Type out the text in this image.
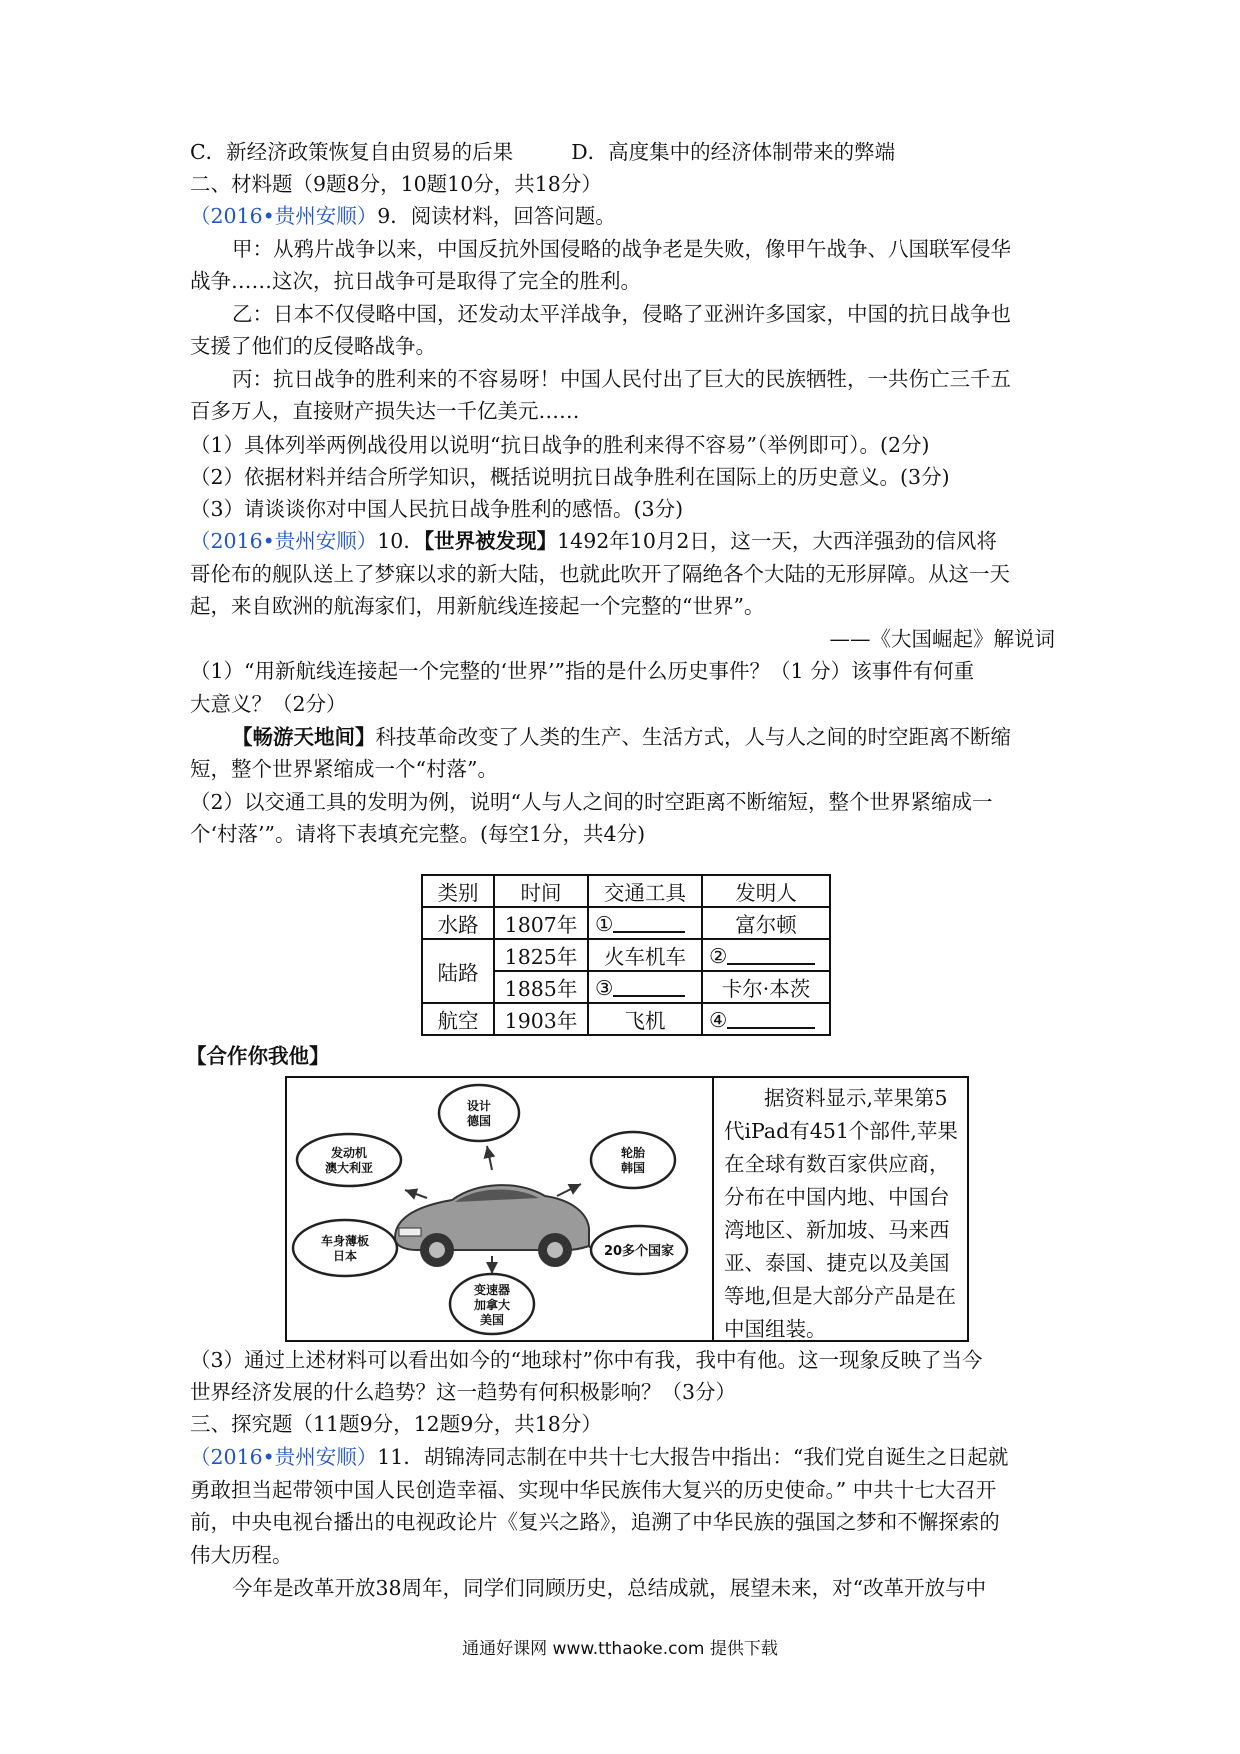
C．新经济政策恢复自由贸易的后果	D．高度集中的经济体制带来的弊端
二、材料题（9题8分，10题10分，共18分）
（2016•贵州安顺）9．阅读材料，回答问题。
甲：从鸦片战争以来，中国反抗外国侵略的战争老是失败，像甲午战争、八国联军侵华
战争……这次，抗日战争可是取得了完全的胜利。
乙：日本不仅侵略中国，还发动太平洋战争，侵略了亚洲许多国家，中国的抗日战争也
支援了他们的反侵略战争。
丙：抗日战争的胜利来的不容易呀！中国人民付出了巨大的民族牺牲，一共伤亡三千五
百多万人，直接财产损失达一千亿美元……
（1）具体列举两例战役用以说明“抗日战争的胜利来得不容易”（举例即可）。(2分)
（2）依据材料并结合所学知识，概括说明抗日战争胜利在国际上的历史意义。(3分)
（3）请谈谈你对中国人民抗日战争胜利的感悟。(3分)
（2016•贵州安顺）10．【世界被发现】1492年10月2日，这一天，大西洋强劲的信风将
哥伦布的舰队送上了梦寐以求的新大陆，也就此吹开了隔绝各个大陆的无形屏障。从这一天
起，来自欧洲的航海家们，用新航线连接起一个完整的“世界”。
——《大国崛起》解说词
（1）“用新航线连接起一个完整的‘世界’”指的是什么历史事件？（1 分）该事件有何重
大意义？（2分）
【畅游天地间】科技革命改变了人类的生产、生活方式，人与人之间的时空距离不断缩
短，整个世界紧缩成一个“村落”。
（2）以交通工具的发明为例，说明“人与人之间的时空距离不断缩短，整个世界紧缩成一
个‘村落’”。请将下表填充完整。(每空1分，共4分)
类别	时间	交通工具	发明人
水路	1807年	①	富尔顿
陆路	1825年	火车机车	②
	1885年	③	卡尔·本茨
航空	1903年	飞机	④
【合作你我他】
设计
德国
发动机
澳大利亚
轮胎
韩国
车身薄板
日本	20多个国家
变速器
加拿大
美国
据资料显示,苹果第5代iPad有451个部件,苹果在全球有数百家供应商，分布在中国内地、中国台湾地区、新加坡、马来西亚、泰国、捷克以及美国等地,但是大部分产品是在中国组装。
（3）通过上述材料可以看出如今的“地球村”你中有我，我中有他。这一现象反映了当今
世界经济发展的什么趋势？这一趋势有何积极影响？（3分）
三、探究题（11题9分，12题9分，共18分）
（2016•贵州安顺）11．胡锦涛同志制在中共十七大报告中指出：“我们党自诞生之日起就
勇敢担当起带领中国人民创造幸福、实现中华民族伟大复兴的历史使命。” 中共十七大召开
前，中央电视台播出的电视政论片《复兴之路》，追溯了中华民族的强国之梦和不懈探索的
伟大历程。
今年是改革开放38周年，同学们同顾历史，总结成就，展望未来，对“改革开放与中
通通好课网 www.tthaoke.com 提供下载
